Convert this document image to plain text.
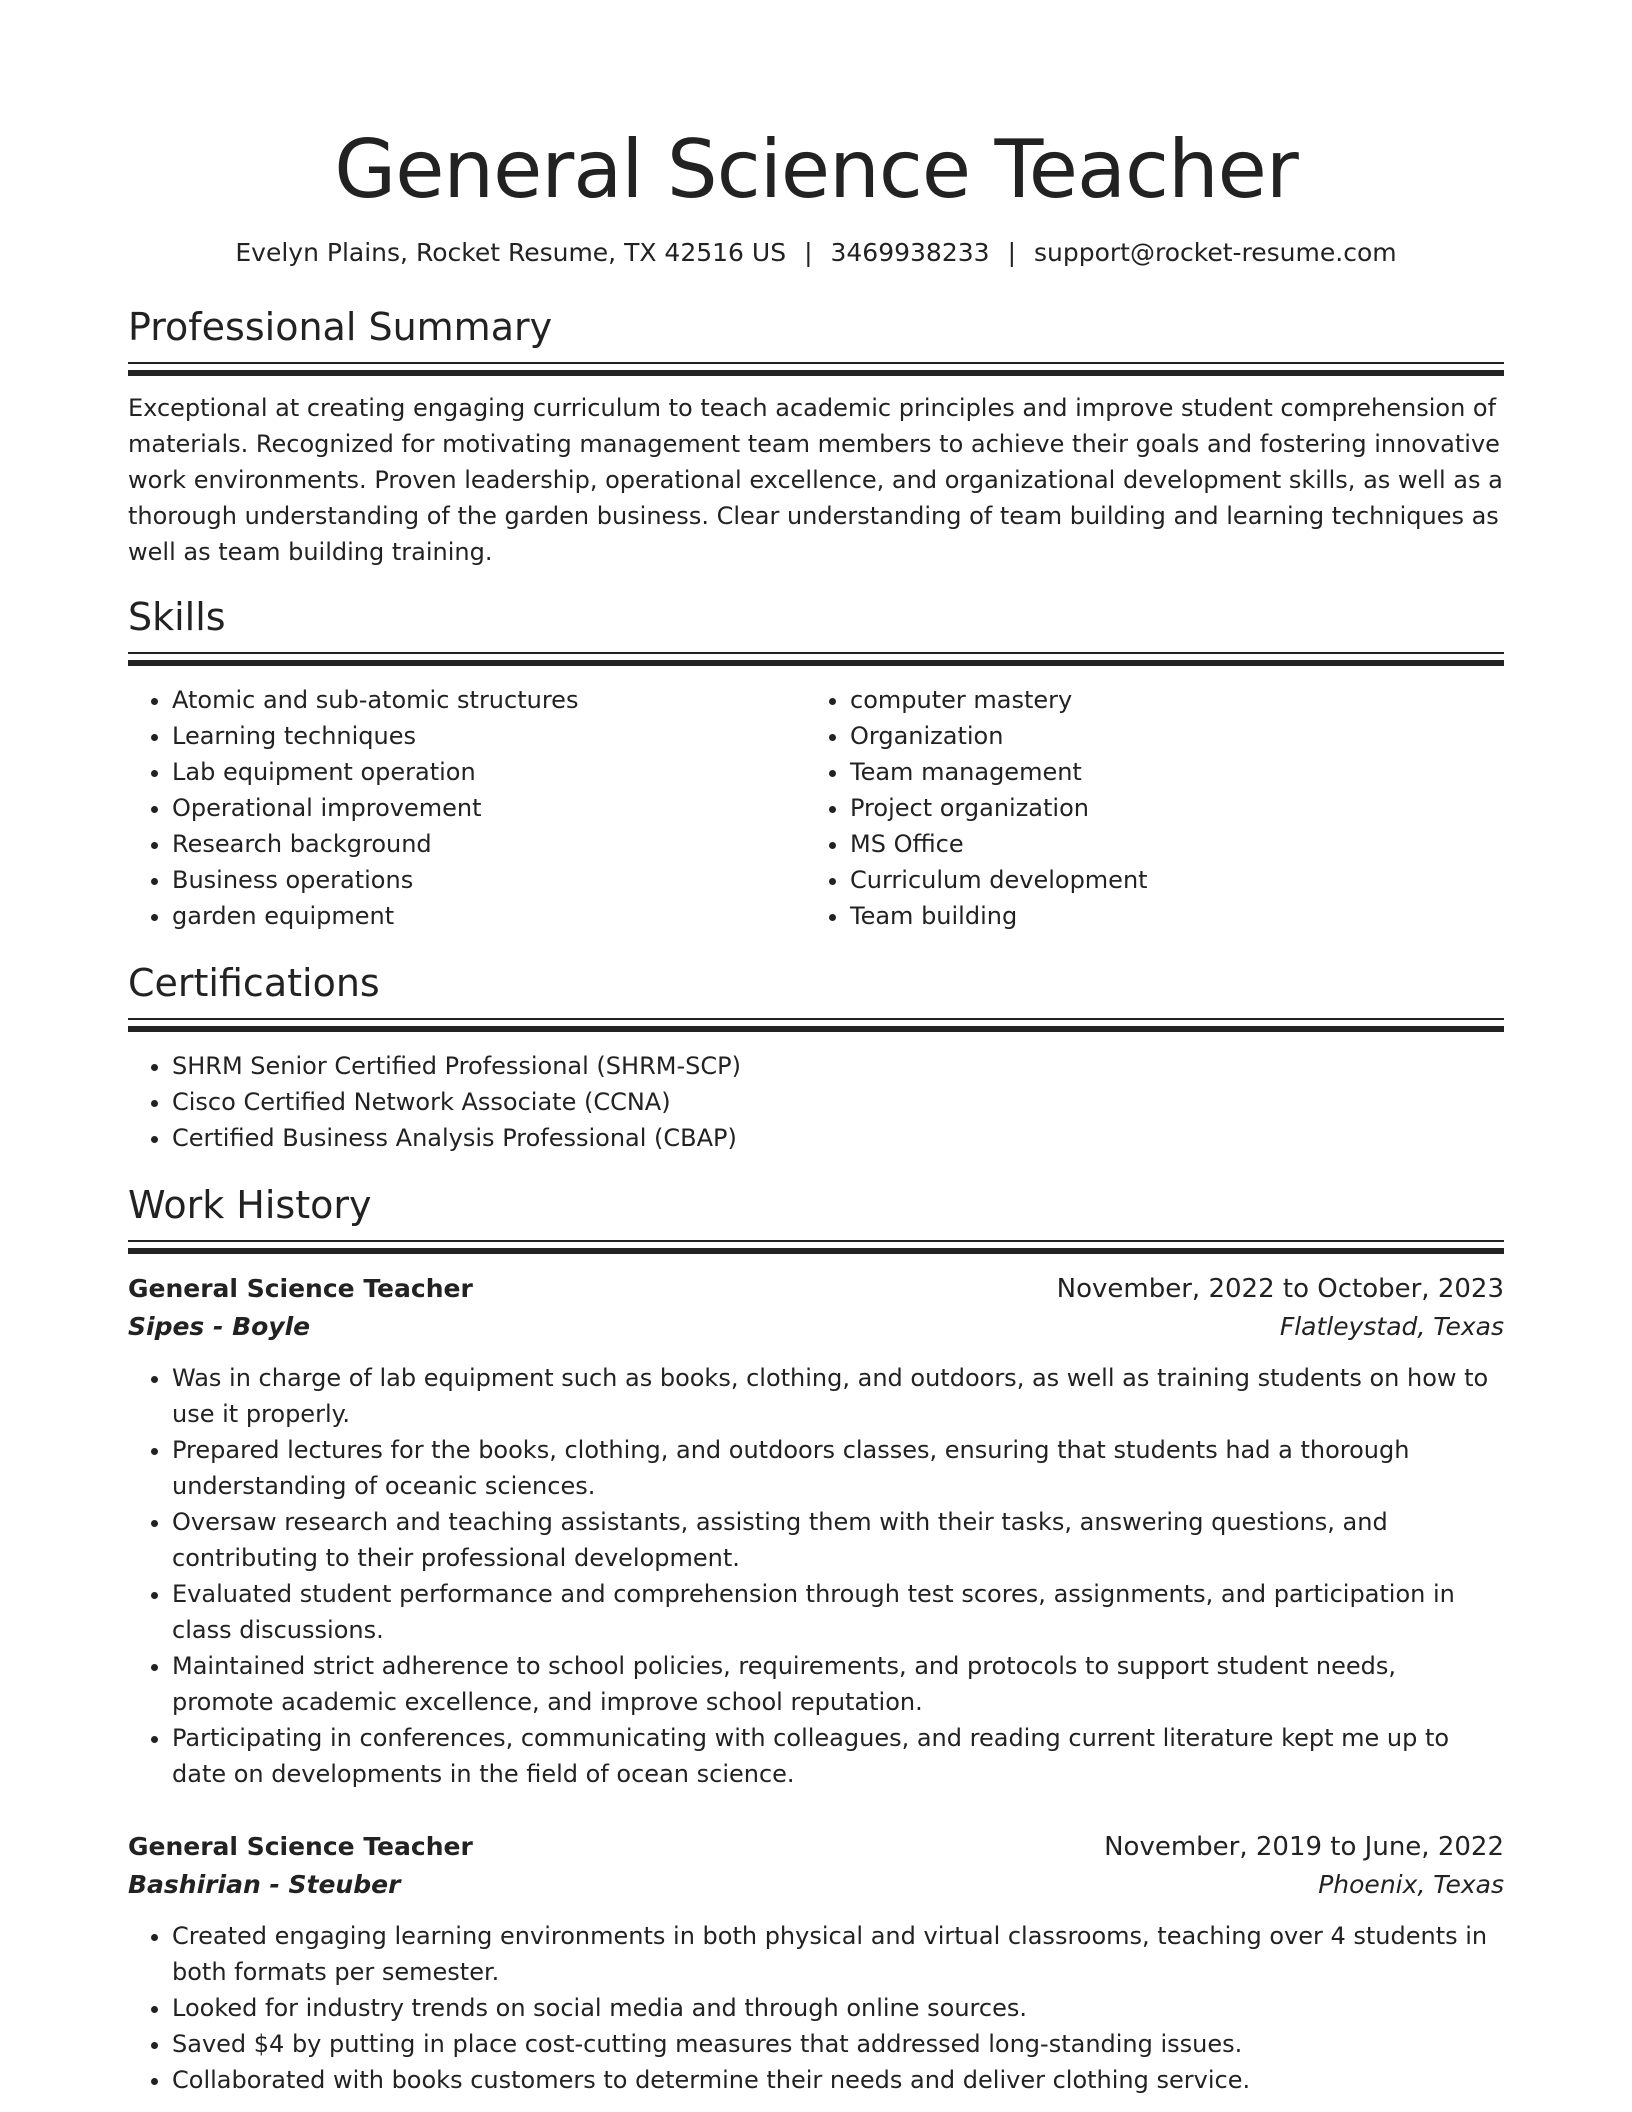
General Science Teacher
Evelyn Plains, Rocket Resume, TX 42516 US | 3469938233 | support@rocket-resume.com
Professional Summary

Exceptional at creating engaging curriculum to teach academic principles and improve student comprehension of materials. Recognized for motivating management team members to achieve their goals and fostering innovative work environments. Proven leadership, operational excellence, and organizational development skills, as well as a thorough understanding of the garden business. Clear understanding of team building and learning techniques as well as team building training.

Skills
• Atomic and sub-atomic structures
• Learning techniques
• Lab equipment operation
• Operational improvement
• Research background
• Business operations
• garden equipment
• computer mastery
• Organization
• Team management
• Project organization
• MS Office
• Curriculum development
• Team building
Certifications
• SHRM Senior Certified Professional (SHRM-SCP)
• Cisco Certified Network Associate (CCNA)
• Certified Business Analysis Professional (CBAP)
Work History
General Science Teacher	November, 2022 to October, 2023
Sipes - Boyle	Flatleystad, Texas
• Was in charge of lab equipment such as books, clothing, and outdoors, as well as training students on how to use it properly.
• Prepared lectures for the books, clothing, and outdoors classes, ensuring that students had a thorough understanding of oceanic sciences.
• Oversaw research and teaching assistants, assisting them with their tasks, answering questions, and contributing to their professional development.
• Evaluated student performance and comprehension through test scores, assignments, and participation in class discussions.
• Maintained strict adherence to school policies, requirements, and protocols to support student needs, promote academic excellence, and improve school reputation.
• Participating in conferences, communicating with colleagues, and reading current literature kept me up to date on developments in the field of ocean science.
General Science Teacher	November, 2019 to June, 2022
Bashirian - Steuber	Phoenix, Texas
• Created engaging learning environments in both physical and virtual classrooms, teaching over 4 students in both formats per semester.
• Looked for industry trends on social media and through online sources.
• Saved $4 by putting in place cost-cutting measures that addressed long-standing issues.
• Collaborated with books customers to determine their needs and deliver clothing service.
